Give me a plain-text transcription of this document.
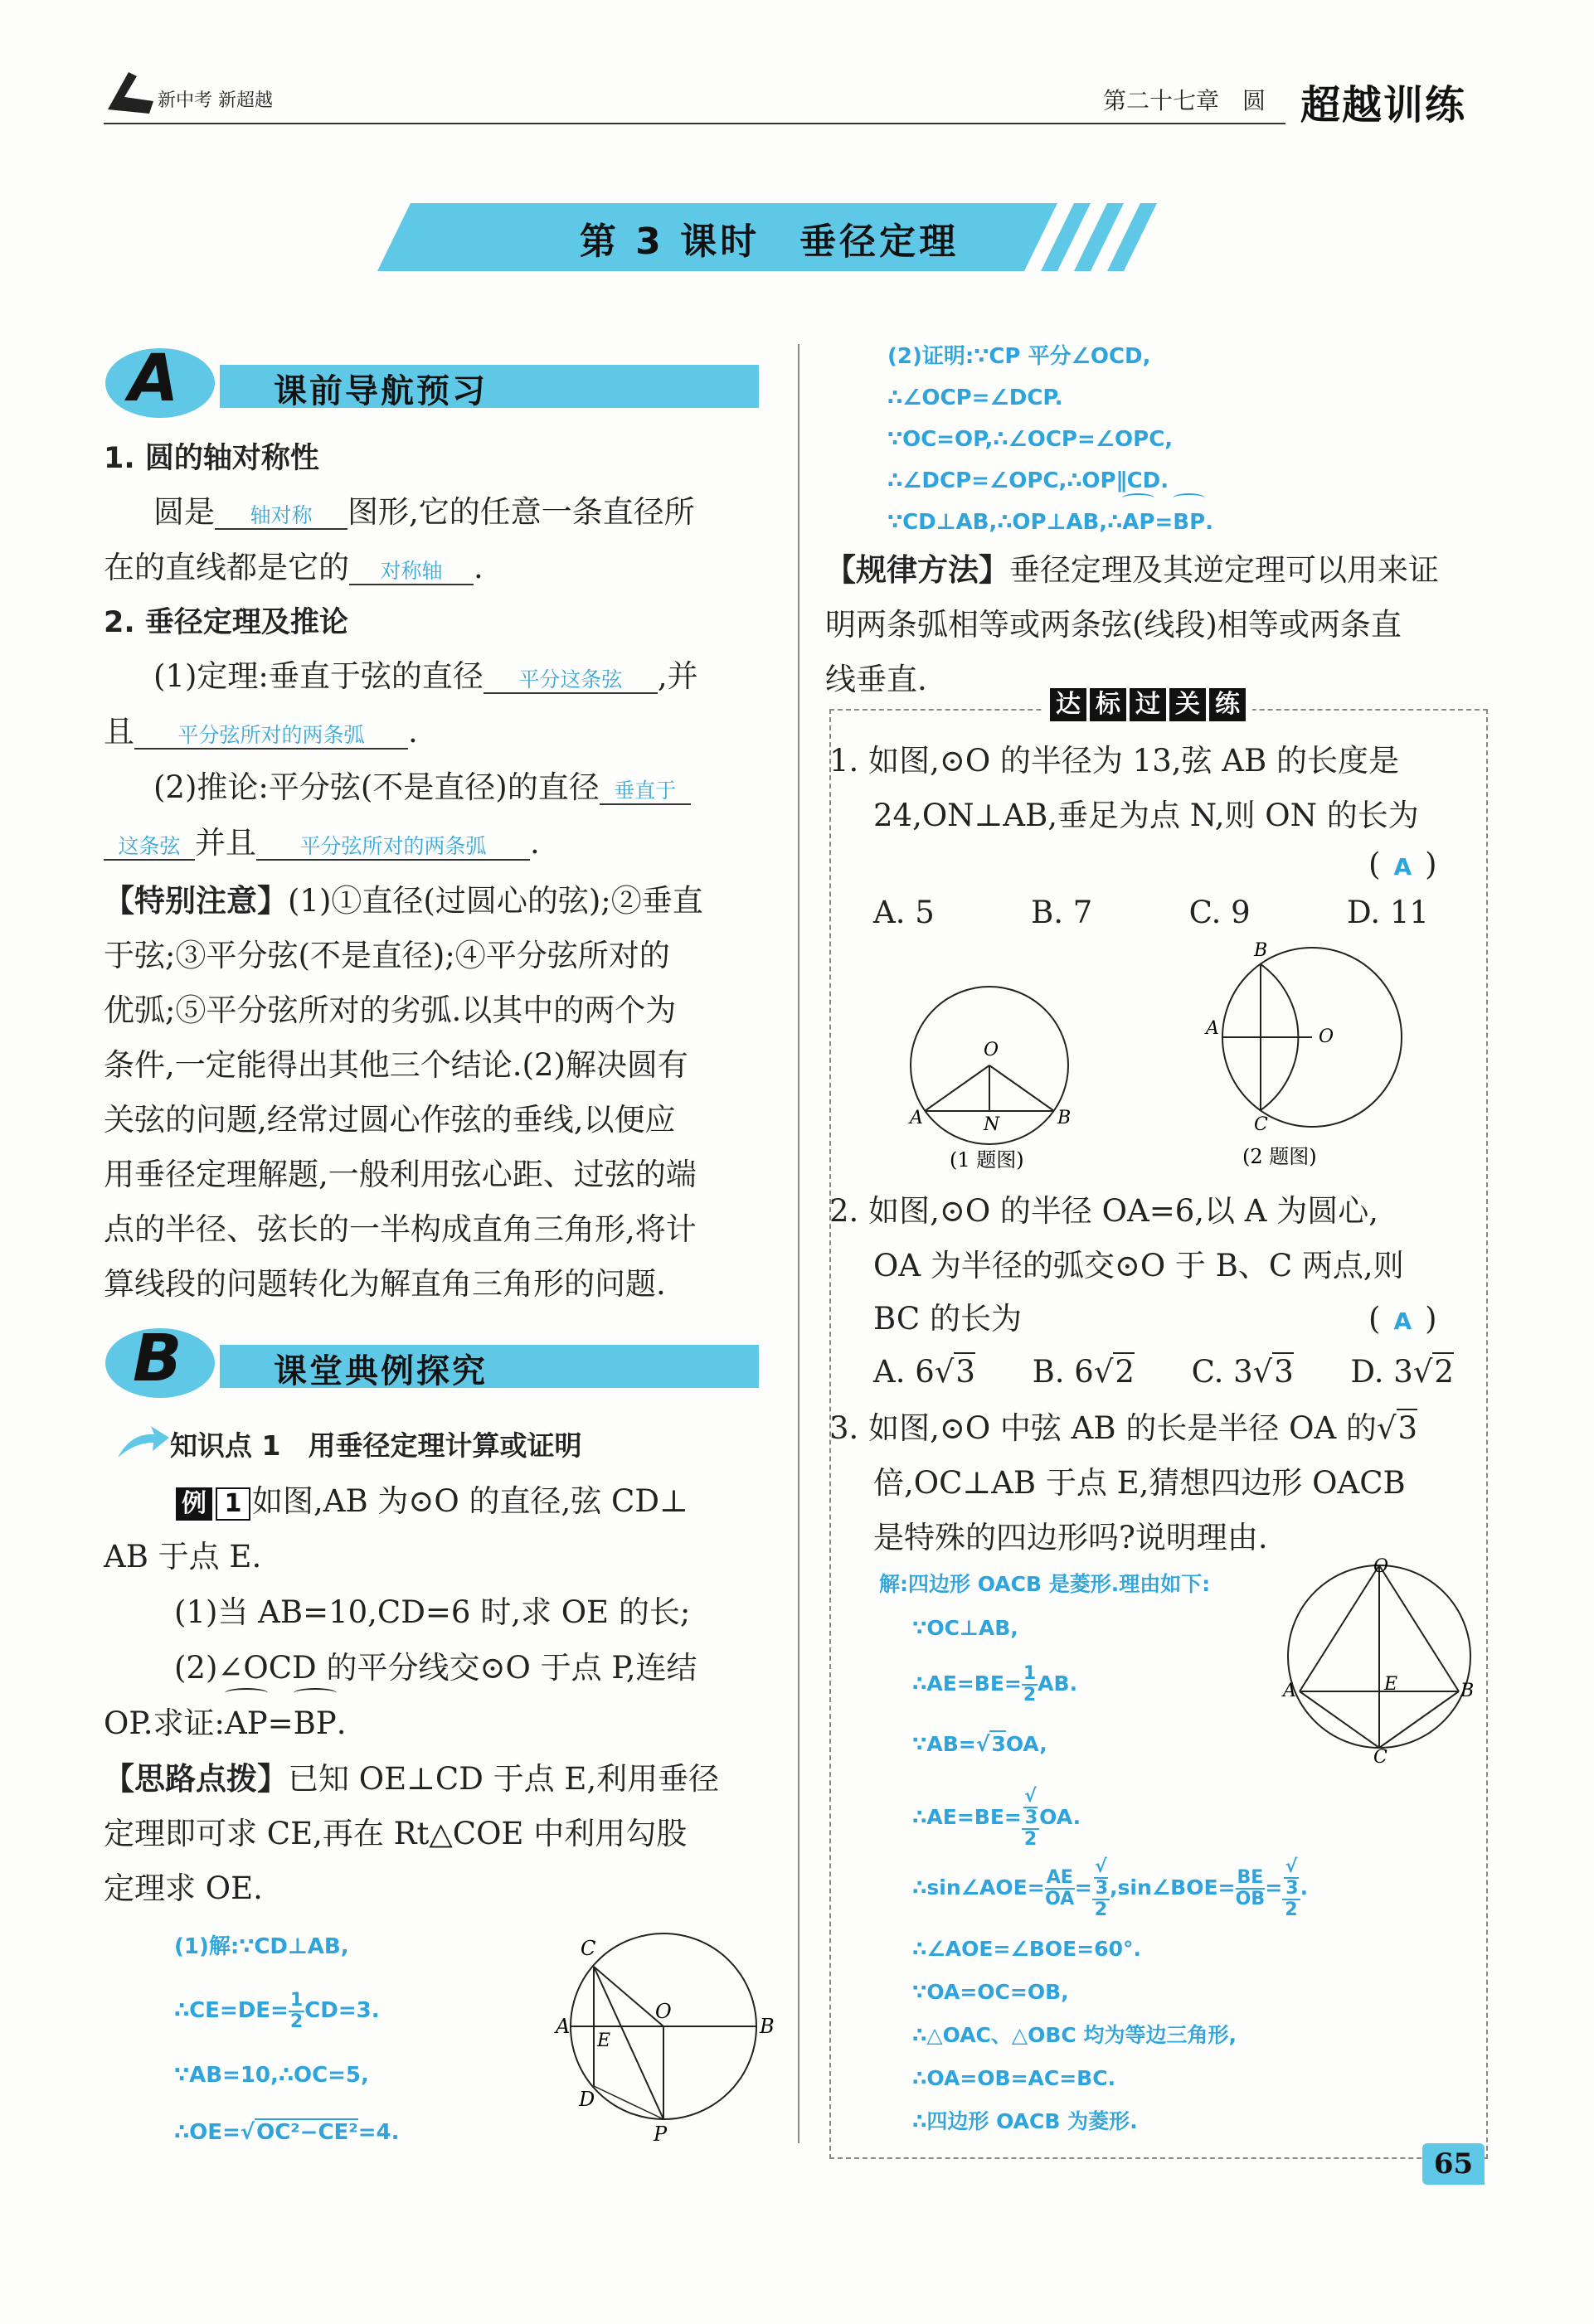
新中考 新超越	第二十七章　圆 超越训练
第 3 课时　垂径定理
A	课前导航预习
1. 圆的轴对称性
圆是 轴对称 图形,它的任意一条直径所
在的直线都是它的 对称轴 .
2. 垂径定理及推论
(1)定理:垂直于弦的直径 平分这条弦 ,并
且 平分弦所对的两条弧 .
(2)推论:平分弦(不是直径)的直径 垂直于
这条弦 并且 平分弦所对的两条弧 .
【特别注意】(1)①直径(过圆心的弦);②垂直
于弦;③平分弦(不是直径);④平分弦所对的
优弧;⑤平分弦所对的劣弧.以其中的两个为
条件,一定能得出其他三个结论.(2)解决圆有
关弦的问题,经常过圆心作弦的垂线,以便应
用垂径定理解题,一般利用弦心距、过弦的端
点的半径、弦长的一半构成直角三角形,将计
算线段的问题转化为解直角三角形的问题.
B	课堂典例探究
知识点 1　用垂径定理计算或证明
例 1 如图,AB 为⊙O 的直径,弦 CD⊥
AB 于点 E.
(1)当 AB=10,CD=6 时,求 OE 的长;
(2)∠OCD 的平分线交⊙O 于点 P,连结
OP.求证:AP=BP.
【思路点拨】已知 OE⊥CD 于点 E,利用垂径
定理即可求 CE,再在 Rt△COE 中利用勾股
定理求 OE.
(1)解:∵CD⊥AB,
∴CE=DE= $\frac{1}{2} CD=3$.
∵AB=10,∴OC=5,
∴OE=√OC²−CE²=4.
C
O
A
E
B
D
P
(2)证明:∵CP 平分∠OCD,
∴∠OCP=∠DCP.
∵OC=OP,∴∠OCP=∠OPC,
∴∠DCP=∠OPC,∴OP∥CD.
∵CD⊥AB,∴OP⊥AB,∴AP=BP.
【规律方法】垂径定理及其逆定理可以用来证
明两条弧相等或两条弦(线段)相等或两条直
线垂直.
达 标 过 关 练
1. 如图,⊙O 的半径为 13,弦 AB 的长度是
24,ON⊥AB,垂足为点 N,则 ON 的长为
( A )
A. 5	B. 7	C. 9	D. 11
O
A	N	B
(1 题图)
B
A	O
C
(2 题图)
2. 如图,⊙O 的半径 OA=6,以 A 为圆心,
OA 为半径的弧交⊙O 于 B、C 两点,则
BC 的长为	( A )
A. 6√3 B. 6√2 C. 3√3 D. 3√2
3. 如图,⊙O 中弦 AB 的长是半径 OA 的√3
倍,OC⊥AB 于点 E,猜想四边形 OACB
是特殊的四边形吗?说明理由.
解:四边形 OACB 是菱形.理由如下:
∵OC⊥AB,
∴AE=BE= $\frac{1}{2}$ AB.
∵AB=√3OA,
∴AE=BE= √
3
2 OA.
∴sin∠AOE= $\frac{AE}{OA}$ = √
3
2 ,sin∠BOE= $\frac{BE}{OB}$ = √
3
2 .
∴∠AOE=∠BOE=60°.
∵OA=OC=OB,
∴△OAC、△OBC 均为等边三角形,
∴OA=OB=AC=BC.
∴四边形 OACB 为菱形.
O
A	E	B
C
65
